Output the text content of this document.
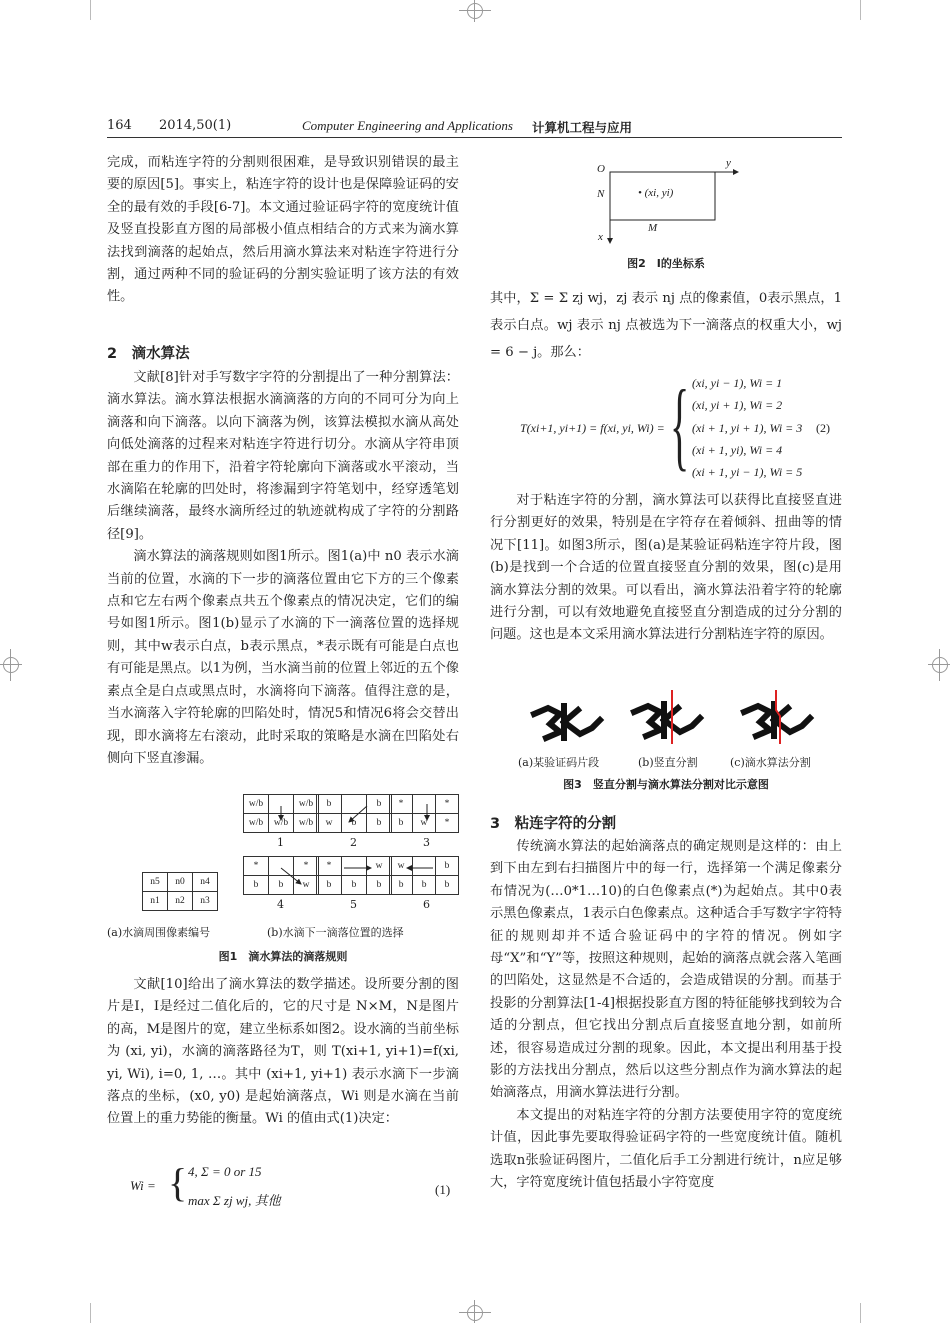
164 2014,50(1)	Computer Engineering and Applications 计算机工程与应用

完成，而粘连字符的分割则很困难，是导致识别错误的最主要的原因[5]。事实上，粘连字符的设计也是保障验证码的安全的最有效的手段[6-7]。本文通过验证码字符的宽度统计值及竖直投影直方图的局部极小值点相结合的方式来为滴水算法找到滴落的起始点，然后用滴水算法来对粘连字符进行分割，通过两种不同的验证码的分割实验证明了该方法的有效性。

2　滴水算法

文献[8]针对手写数字字符的分割提出了一种分割算法：滴水算法。滴水算法根据水滴滴落的方向的不同可分为向上滴落和向下滴落。以向下滴落为例，该算法模拟水滴从高处向低处滴落的过程来对粘连字符进行切分。水滴从字符串顶部在重力的作用下，沿着字符轮廓向下滴落或水平滚动，当水滴陷在轮廓的凹处时，将渗漏到字符笔划中，经穿透笔划后继续滴落，最终水滴所经过的轨迹就构成了字符的分割路径[9]。

滴水算法的滴落规则如图1所示。图1(a)中 n0 表示水滴当前的位置，水滴的下一步的滴落位置由它下方的三个像素点和它左右两个像素点共五个像素点的情况决定，它们的编号如图1所示。图1(b)显示了水滴的下一滴落位置的选择规则，其中w表示白点，b表示黑点，*表示既有可能是白点也有可能是黑点。以1为例，当水滴当前的位置上邻近的五个像素点全是白点或黑点时，水滴将向下滴落。值得注意的是，当水滴落入字符轮廓的凹陷处时，情况5和情况6将会交替出现，即水滴将左右滚动，此时采取的策略是水滴在凹陷处右侧向下竖直渗漏。

n5	n0	n4
n1	n2	n3
w/b		w/b
w/b	w/b	w/b
b		b
w	b	b
*		*
b	w	*
1	2	3
*		*
b	b	w
*		w
b	b	b
w		b
b	b	b
4	5	6
(a)水滴周围像素编号	(b)水滴下一滴落位置的选择
图1　滴水算法的滴落规则

文献[10]给出了滴水算法的数学描述。设所要分割的图片是I，I是经过二值化后的，它的尺寸是 N×M，N是图片的高，M是图片的宽，建立坐标系如图2。设水滴的当前坐标为 (xi, yi)，水滴的滴落路径为T，则 T(xi+1, yi+1)=f(xi, yi, Wi), i=0, 1, …。其中 (xi+1, yi+1) 表示水滴下一步滴落点的坐标，(x0, y0) 是起始滴落点，Wi 则是水滴在当前位置上的重力势能的衡量。Wi 的值由式(1)决定：

Wi = { 4, Σ = 0 or 15
max Σ zj wj, 其他
(1)
O	y
N	• (xi, yi)
M
x
图2　I的坐标系

其中，Σ = Σ zj wj，zj 表示 nj 点的像素值，0表示黑点，1表示白点。wj 表示 nj 点被选为下一滴落点的权重大小，wj = 6 − j。那么：

T(xi+1, yi+1) = f(xi, yi, Wi) = { (xi, yi − 1), Wi = 1
(xi, yi + 1), Wi = 2
(xi + 1, yi + 1), Wi = 3
(xi + 1, yi), Wi = 4
(xi + 1, yi − 1), Wi = 5
(2)

对于粘连字符的分割，滴水算法可以获得比直接竖直进行分割更好的效果，特别是在字符存在着倾斜、扭曲等的情况下[11]。如图3所示，图(a)是某验证码粘连字符片段，图(b)是找到一个合适的位置直接竖直分割的效果，图(c)是用滴水算法分割的效果。可以看出，滴水算法沿着字符的轮廓进行分割，可以有效地避免直接竖直分割造成的过分分割的问题。这也是本文采用滴水算法进行分割粘连字符的原因。

(a)某验证码片段	(b)竖直分割	(c)滴水算法分割
图3　竖直分割与滴水算法分割对比示意图
3　粘连字符的分割

传统滴水算法的起始滴落点的确定规则是这样的：由上到下由左到右扫描图片中的每一行，选择第一个满足像素分布情况为(…0*1…10)的白色像素点(*)为起始点。其中0表示黑色像素点，1表示白色像素点。这种适合手写数字字符特征的规则却并不适合验证码中的字符的情况。例如字母“X”和“Y”等，按照这种规则，起始的滴落点就会落入笔画的凹陷处，这显然是不合适的，会造成错误的分割。而基于投影的分割算法[1-4]根据投影直方图的特征能够找到较为合适的分割点，但它找出分割点后直接竖直地分割，如前所述，很容易造成过分割的现象。因此，本文提出利用基于投影的方法找出分割点，然后以这些分割点作为滴水算法的起始滴落点，用滴水算法进行分割。

本文提出的对粘连字符的分割方法要使用字符的宽度统计值，因此事先要取得验证码字符的一些宽度统计值。随机选取n张验证码图片，二值化后手工分割进行统计，n应足够大，字符宽度统计值包括最小字符宽度
